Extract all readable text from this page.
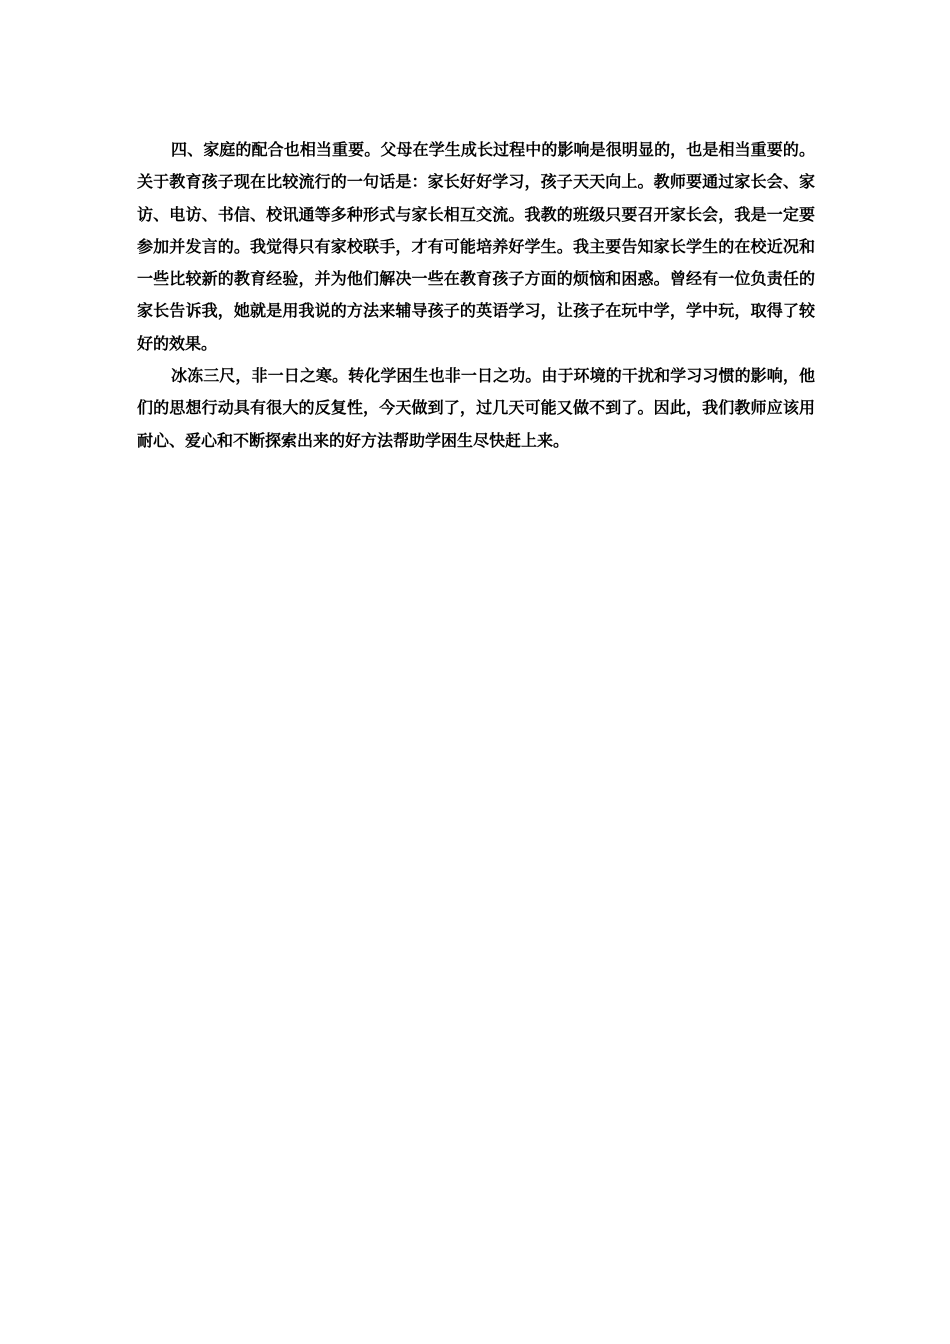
四、家庭的配合也相当重要。父母在学生成长过程中的影响是很明显的，也是相当重要的。关于教育孩子现在比较流行的一句话是：家长好好学习，孩子天天向上。教师要通过家长会、家访、电访、书信、校讯通等多种形式与家长相互交流。我教的班级只要召开家长会，我是一定要参加并发言的。我觉得只有家校联手，才有可能培养好学生。我主要告知家长学生的在校近况和一些比较新的教育经验，并为他们解决一些在教育孩子方面的烦恼和困惑。曾经有一位负责任的家长告诉我，她就是用我说的方法来辅导孩子的英语学习，让孩子在玩中学，学中玩，取得了较好的效果。

冰冻三尺，非一日之寒。转化学困生也非一日之功。由于环境的干扰和学习习惯的影响，他们的思想行动具有很大的反复性，今天做到了，过几天可能又做不到了。因此，我们教师应该用耐心、爱心和不断探索出来的好方法帮助学困生尽快赶上来。
